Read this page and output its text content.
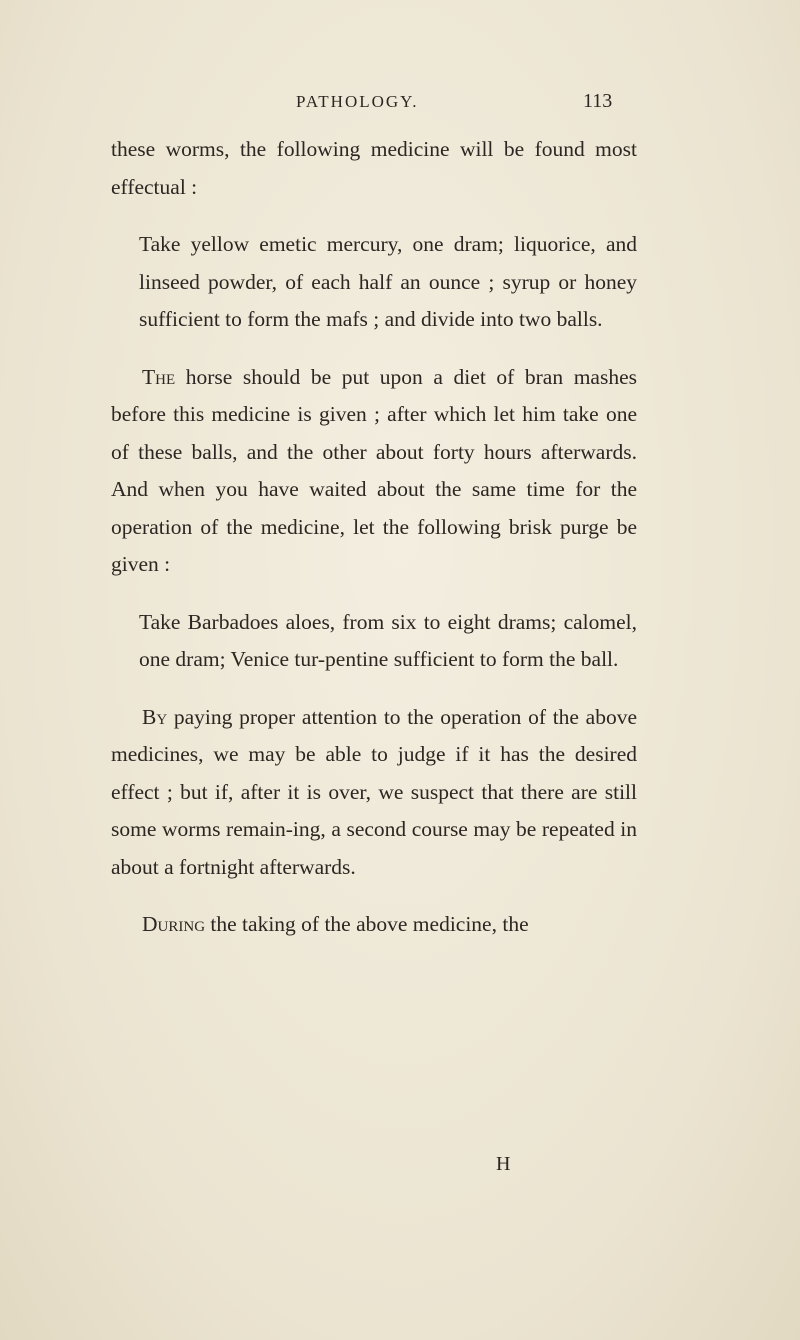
PATHOLOGY.	113

these worms, the following medicine will be found most effectual :

Take yellow emetic mercury, one dram; liquorice, and linseed powder, of each half an ounce ; syrup or honey sufficient to form the mafs ; and divide into two balls.

The horse should be put upon a diet of bran mashes before this medicine is given ; after which let him take one of these balls, and the other about forty hours afterwards. And when you have waited about the same time for the operation of the medicine, let the following brisk purge be given :

Take Barbadoes aloes, from six to eight drams; calomel, one dram; Venice tur-pentine sufficient to form the ball.

By paying proper attention to the operation of the above medicines, we may be able to judge if it has the desired effect ; but if, after it is over, we suspect that there are still some worms remain-ing, a second course may be repeated in about a fortnight afterwards.

During the taking of the above medicine, the

H
